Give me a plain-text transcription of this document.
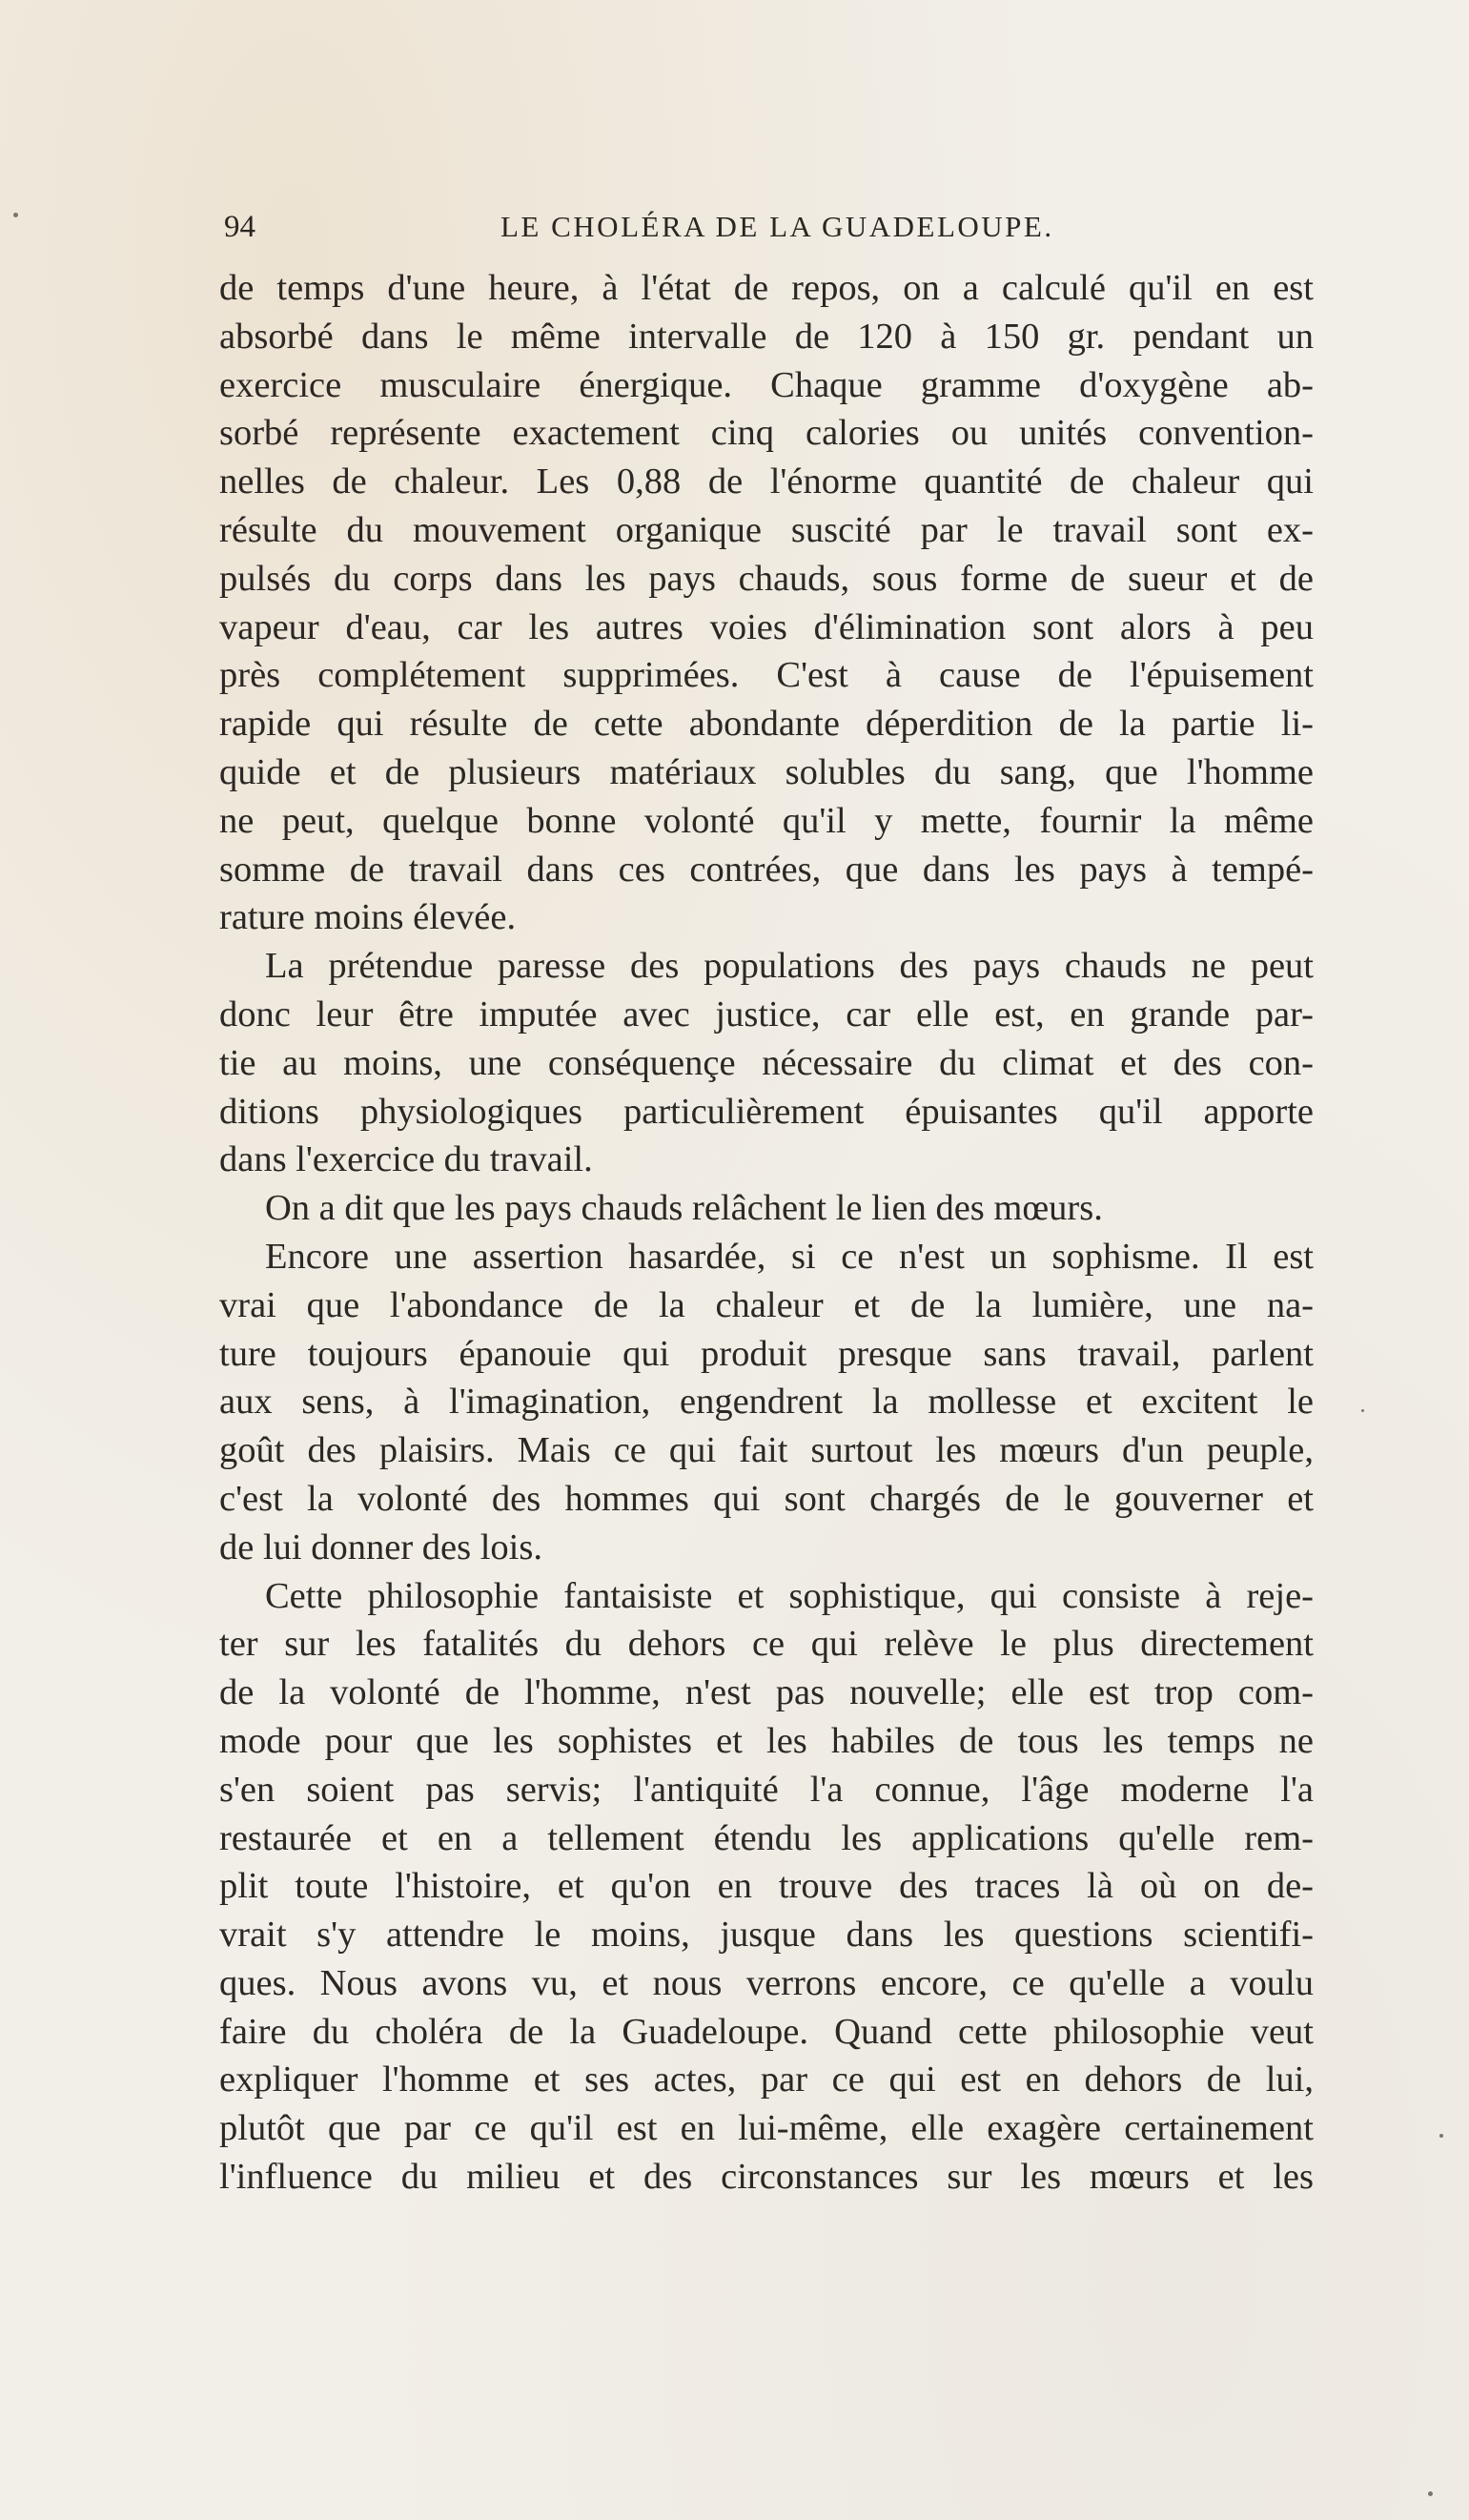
94	LE CHOLÉRA DE LA GUADELOUPE.
de temps d'une heure, à l'état de repos, on a calculé qu'il en est
absorbé dans le même intervalle de 120 à 150 gr. pendant un
exercice musculaire énergique. Chaque gramme d'oxygène ab-
sorbé représente exactement cinq calories ou unités convention-
nelles de chaleur. Les 0,88 de l'énorme quantité de chaleur qui
résulte du mouvement organique suscité par le travail sont ex-
pulsés du corps dans les pays chauds, sous forme de sueur et de
vapeur d'eau, car les autres voies d'élimination sont alors à peu
près complétement supprimées. C'est à cause de l'épuisement
rapide qui résulte de cette abondante déperdition de la partie li-
quide et de plusieurs matériaux solubles du sang, que l'homme
ne peut, quelque bonne volonté qu'il y mette, fournir la même
somme de travail dans ces contrées, que dans les pays à tempé-
rature moins élevée.
La prétendue paresse des populations des pays chauds ne peut
donc leur être imputée avec justice, car elle est, en grande par-
tie au moins, une conséquençe nécessaire du climat et des con-
ditions physiologiques particulièrement épuisantes qu'il apporte
dans l'exercice du travail.
On a dit que les pays chauds relâchent le lien des mœurs.
Encore une assertion hasardée, si ce n'est un sophisme. Il est
vrai que l'abondance de la chaleur et de la lumière, une na-
ture toujours épanouie qui produit presque sans travail, parlent
aux sens, à l'imagination, engendrent la mollesse et excitent le
goût des plaisirs. Mais ce qui fait surtout les mœurs d'un peuple,
c'est la volonté des hommes qui sont chargés de le gouverner et
de lui donner des lois.
Cette philosophie fantaisiste et sophistique, qui consiste à reje-
ter sur les fatalités du dehors ce qui relève le plus directement
de la volonté de l'homme, n'est pas nouvelle; elle est trop com-
mode pour que les sophistes et les habiles de tous les temps ne
s'en soient pas servis; l'antiquité l'a connue, l'âge moderne l'a
restaurée et en a tellement étendu les applications qu'elle rem-
plit toute l'histoire, et qu'on en trouve des traces là où on de-
vrait s'y attendre le moins, jusque dans les questions scientifi-
ques. Nous avons vu, et nous verrons encore, ce qu'elle a voulu
faire du choléra de la Guadeloupe. Quand cette philosophie veut
expliquer l'homme et ses actes, par ce qui est en dehors de lui,
plutôt que par ce qu'il est en lui-même, elle exagère certainement
l'influence du milieu et des circonstances sur les mœurs et les
